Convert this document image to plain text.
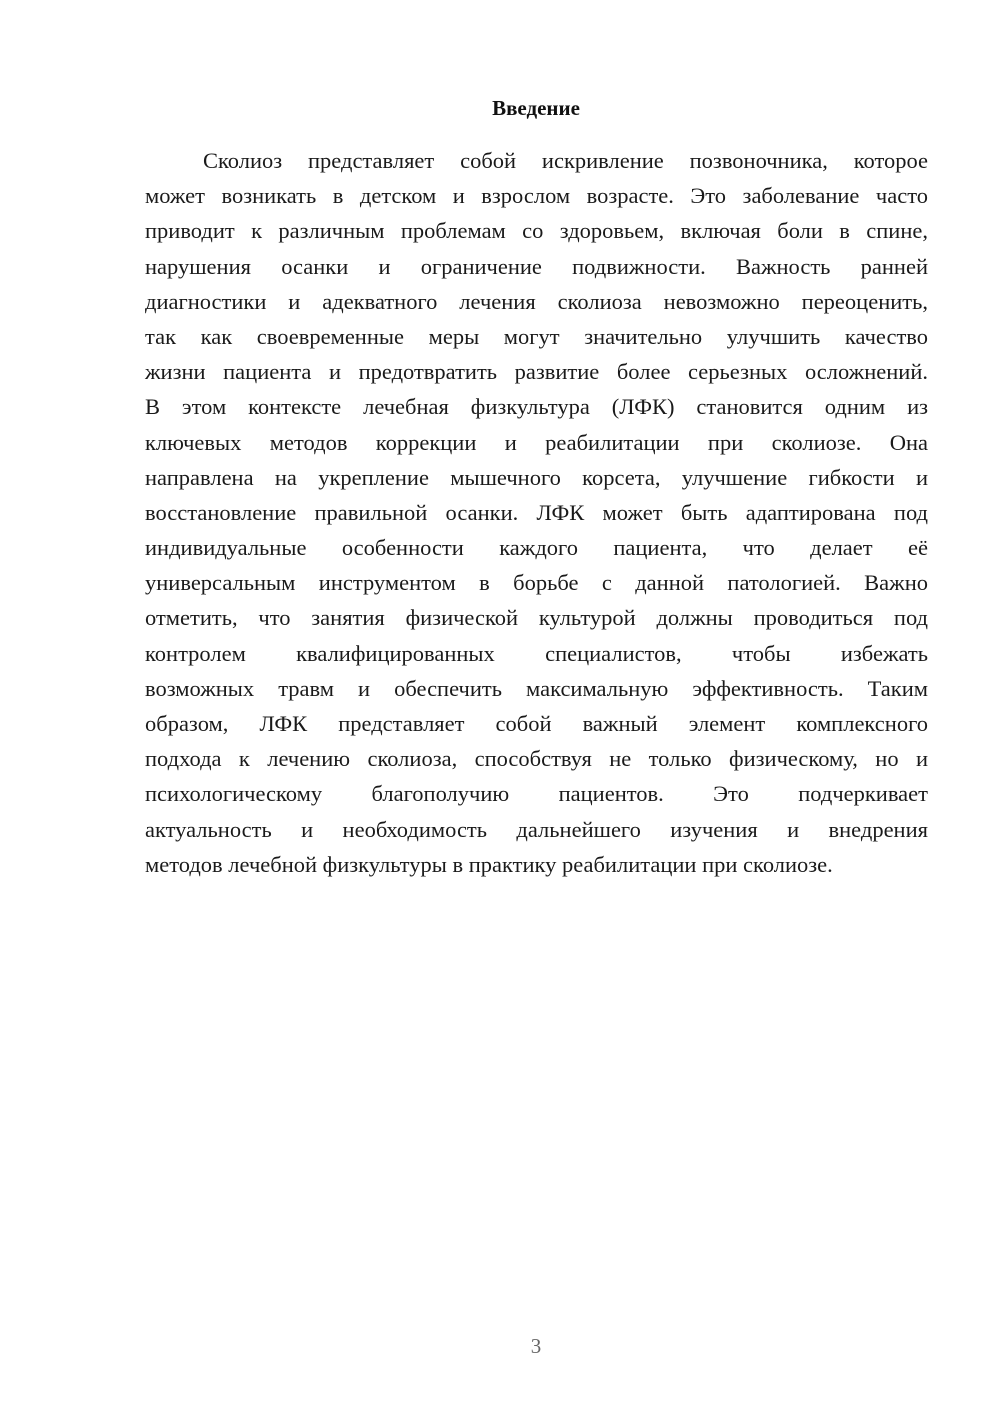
Введение
Сколиоз представляет собой искривление позвоночника, которое
может возникать в детском и взрослом возрасте. Это заболевание часто
приводит к различным проблемам со здоровьем, включая боли в спине,
нарушения осанки и ограничение подвижности. Важность ранней
диагностики и адекватного лечения сколиоза невозможно переоценить,
так как своевременные меры могут значительно улучшить качество
жизни пациента и предотвратить развитие более серьезных осложнений.
В этом контексте лечебная физкультура (ЛФК) становится одним из
ключевых методов коррекции и реабилитации при сколиозе. Она
направлена на укрепление мышечного корсета, улучшение гибкости и
восстановление правильной осанки. ЛФК может быть адаптирована под
индивидуальные особенности каждого пациента, что делает её
универсальным инструментом в борьбе с данной патологией. Важно
отметить, что занятия физической культурой должны проводиться под
контролем квалифицированных специалистов, чтобы избежать
возможных травм и обеспечить максимальную эффективность. Таким
образом, ЛФК представляет собой важный элемент комплексного
подхода к лечению сколиоза, способствуя не только физическому, но и
психологическому благополучию пациентов. Это подчеркивает
актуальность и необходимость дальнейшего изучения и внедрения
методов лечебной физкультуры в практику реабилитации при сколиозе.
3
